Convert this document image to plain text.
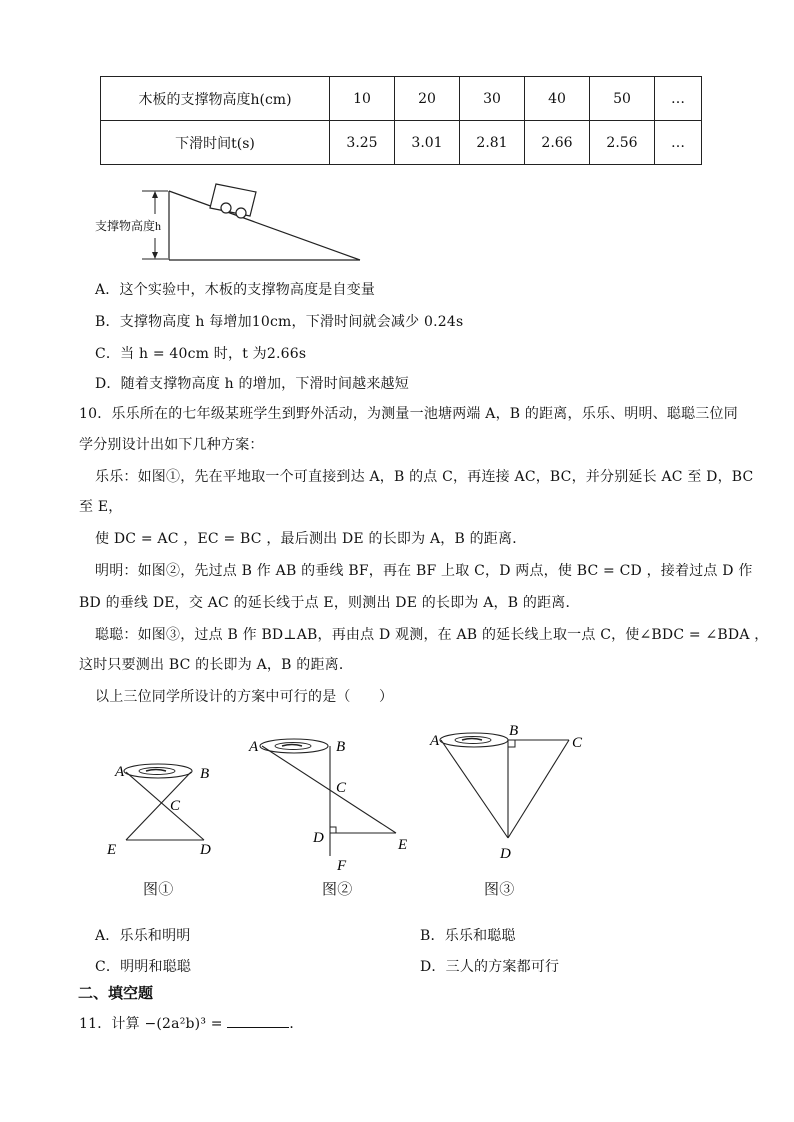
木板的支撑物高度h(cm)	10	20	30	40	50	…
下滑时间t(s)	3.25	3.01	2.81	2.66	2.56	…
支撑物高度h
A．这个实验中，木板的支撑物高度是自变量
B．支撑物高度 h 每增加10cm，下滑时间就会减少 0.24s
C．当 h = 40cm 时，t 为2.66s
D．随着支撑物高度 h 的增加，下滑时间越来越短
10．乐乐所在的七年级某班学生到野外活动，为测量一池塘两端 A，B 的距离，乐乐、明明、聪聪三位同
学分别设计出如下几种方案：
乐乐：如图①，先在平地取一个可直接到达 A，B 的点 C，再连接 AC，BC，并分别延长 AC 至 D，BC
至 E，
使 DC = AC ，EC = BC ，最后测出 DE 的长即为 A，B 的距离．
明明：如图②，先过点 B 作 AB 的垂线 BF，再在 BF 上取 C，D 两点，使 BC = CD ，接着过点 D 作
BD 的垂线 DE，交 AC 的延长线于点 E，则测出 DE 的长即为 A，B 的距离．
聪聪：如图③，过点 B 作 BD⊥AB，再由点 D 观测，在 AB 的延长线上取一点 C，使∠BDC = ∠BDA ，
这时只要测出 BC 的长即为 A，B 的距离．
以上三位同学所设计的方案中可行的是（　　）
A	B
C
E	D
图①
A	B
C
D	E
F
图②
A
B
C
D
图③
A．乐乐和明明	B．乐乐和聪聪
C．明明和聪聪	D．三人的方案都可行
二、填空题
11．计算 −(2a²b)³ =	．
